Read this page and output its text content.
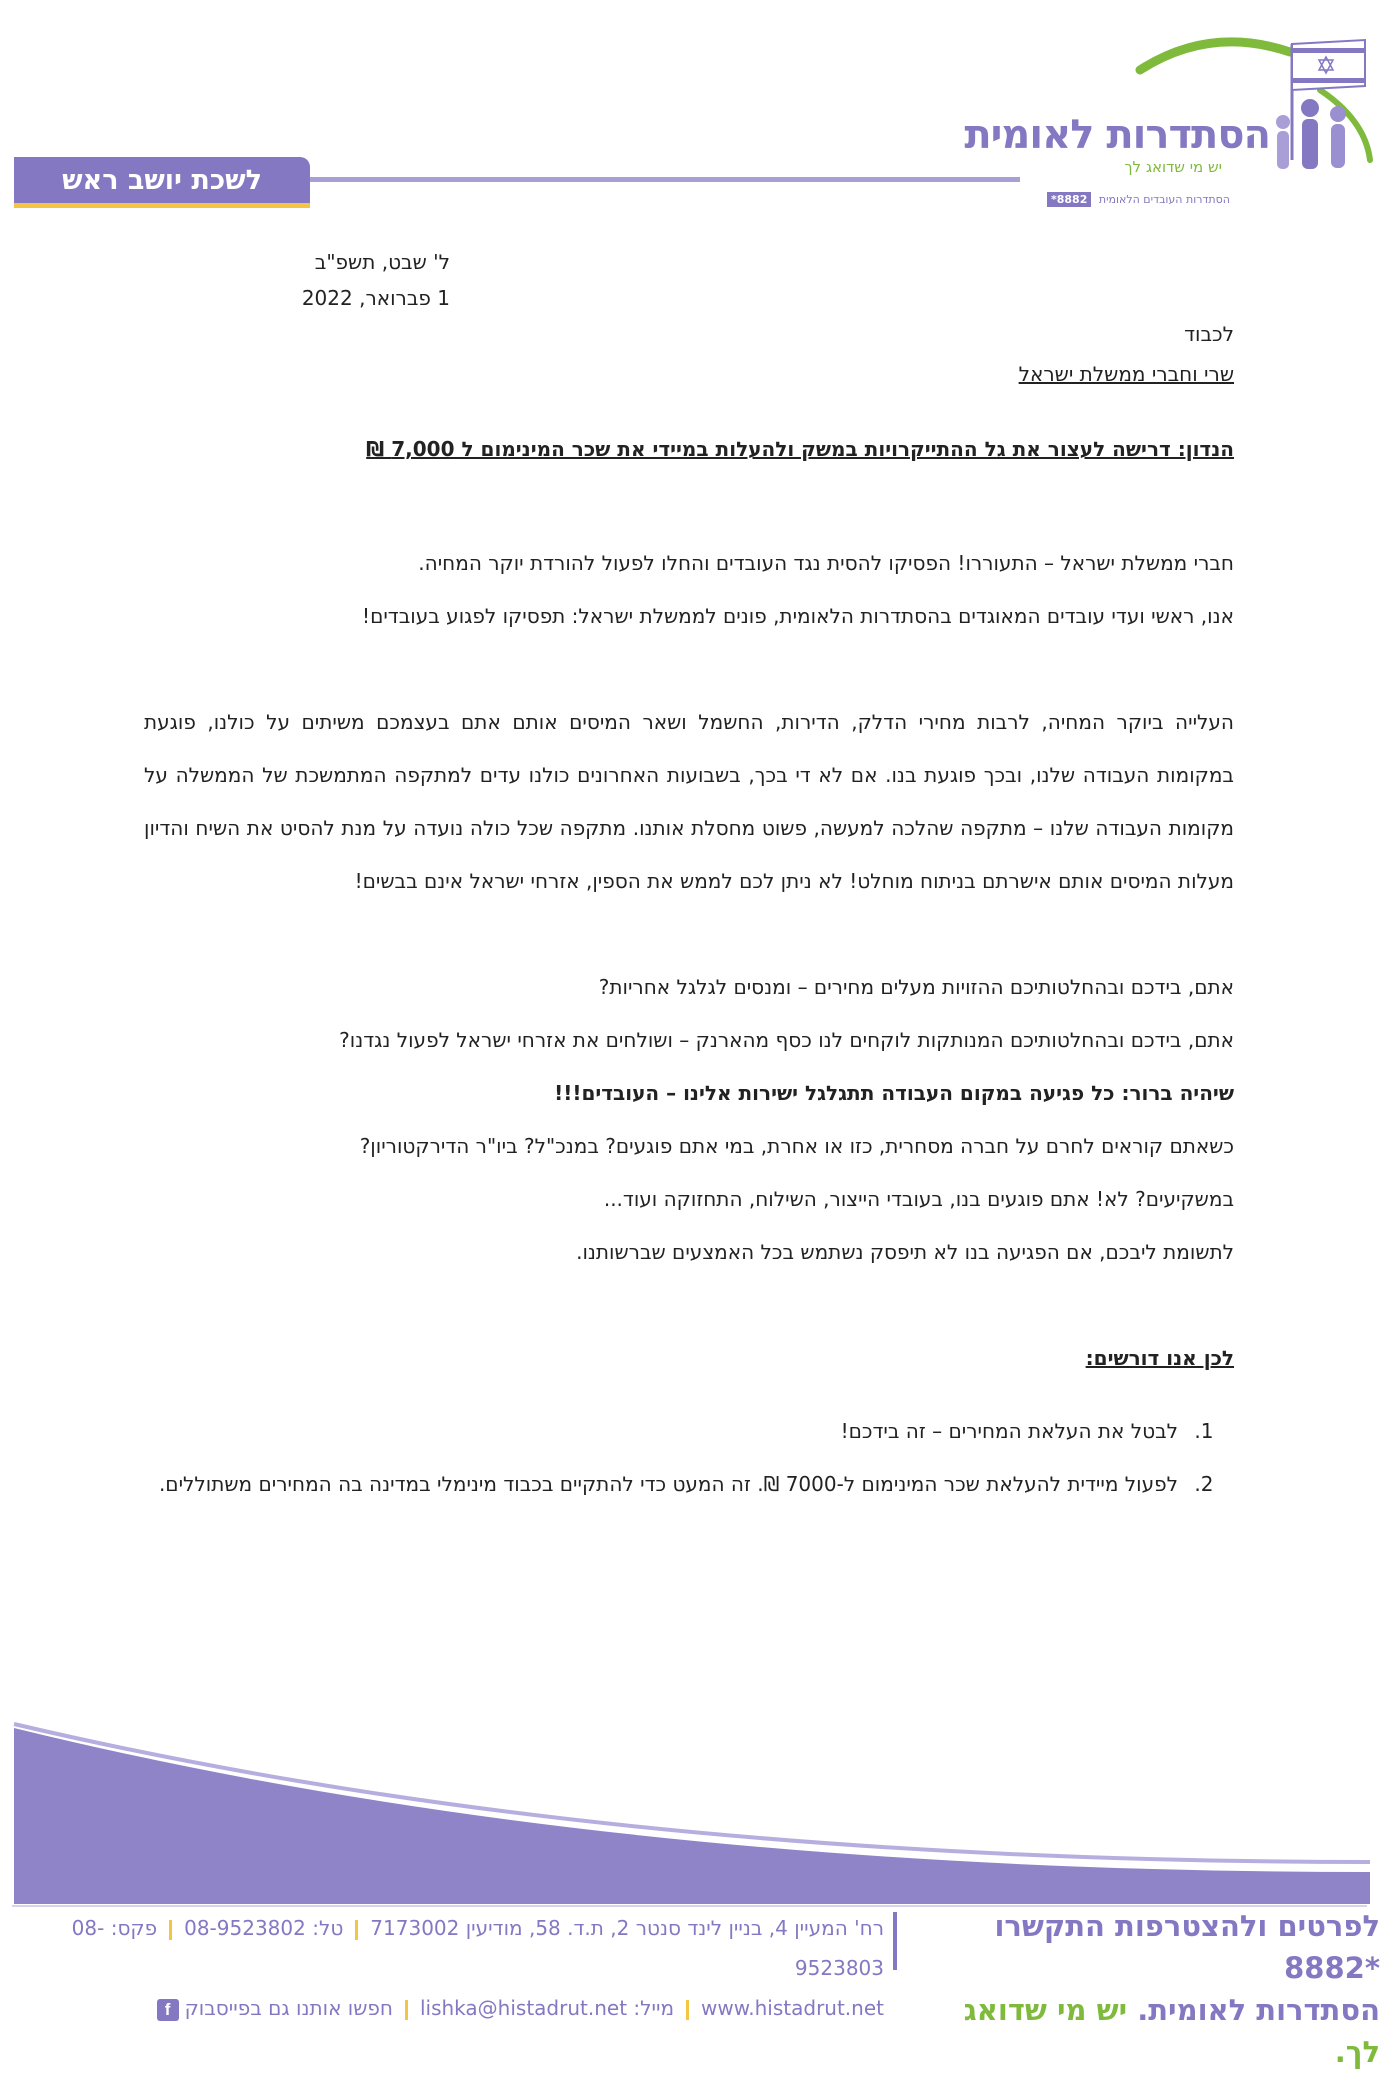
הסתדרות לאומית
יש מי שדואג לך
הסתדרות העובדים הלאומית *8882
לשכת יושב ראש
ל' שבט, תשפ"ב
1 פברואר, 2022
לכבוד
שרי וחברי ממשלת ישראל
הנדון: דרישה לעצור את גל ההתייקרויות במשק ולהעלות במיידי את שכר המינימום ל 7,000 ₪

חברי ממשלת ישראל – התעוררו! הפסיקו להסית נגד העובדים והחלו לפעול להורדת יוקר המחיה.

אנו, ראשי ועדי עובדים המאוגדים בהסתדרות הלאומית, פונים לממשלת ישראל: תפסיקו לפגוע בעובדים!

העלייה ביוקר המחיה, לרבות מחירי הדלק, הדירות, החשמל ושאר המיסים אותם אתם בעצמכם משיתים על כולנו, פוגעת במקומות העבודה שלנו, ובכך פוגעת בנו. אם לא די בכך, בשבועות האחרונים כולנו עדים למתקפה המתמשכת של הממשלה על מקומות העבודה שלנו – מתקפה שהלכה למעשה, פשוט מחסלת אותנו. מתקפה שכל כולה נועדה על מנת להסיט את השיח והדיון מעלות המיסים אותם אישרתם בניתוח מוחלט! לא ניתן לכם לממש את הספין, אזרחי ישראל אינם בבשים!

אתם, בידכם ובהחלטותיכם ההזויות מעלים מחירים – ומנסים לגלגל אחריות?

אתם, בידכם ובהחלטותיכם המנותקות לוקחים לנו כסף מהארנק – ושולחים את אזרחי ישראל לפעול נגדנו?

שיהיה ברור: כל פגיעה במקום העבודה תתגלגל ישירות אלינו – העובדים!!!

כשאתם קוראים לחרם על חברה מסחרית, כזו או אחרת, במי אתם פוגעים? במנכ"ל? ביו"ר הדירקטוריון?

במשקיעים? לא! אתם פוגעים בנו, בעובדי הייצור, השילוח, התחזוקה ועוד...

לתשומת ליבכם, אם הפגיעה בנו לא תיפסק נשתמש בכל האמצעים שברשותנו.

לכן אנו דורשים:

1. לבטל את העלאת המחירים – זה בידכם!
2. לפעול מיידית להעלאת שכר המינימום ל-7000 ₪. זה המעט כדי להתקיים בכבוד מינימלי במדינה בה המחירים משתוללים.
לפרטים ולהצטרפות התקשרו *8882
הסתדרות לאומית. יש מי שדואג לך.
רח' המעיין 4, בניין לינד סנטר 2, ת.ד. 58, מודיעין 7173002טל: 08-9523802פקס: 08-9523803
www.histadrut.netמייל: lishka@histadrut.netחפשו אותנו גם בפייסבוקf
